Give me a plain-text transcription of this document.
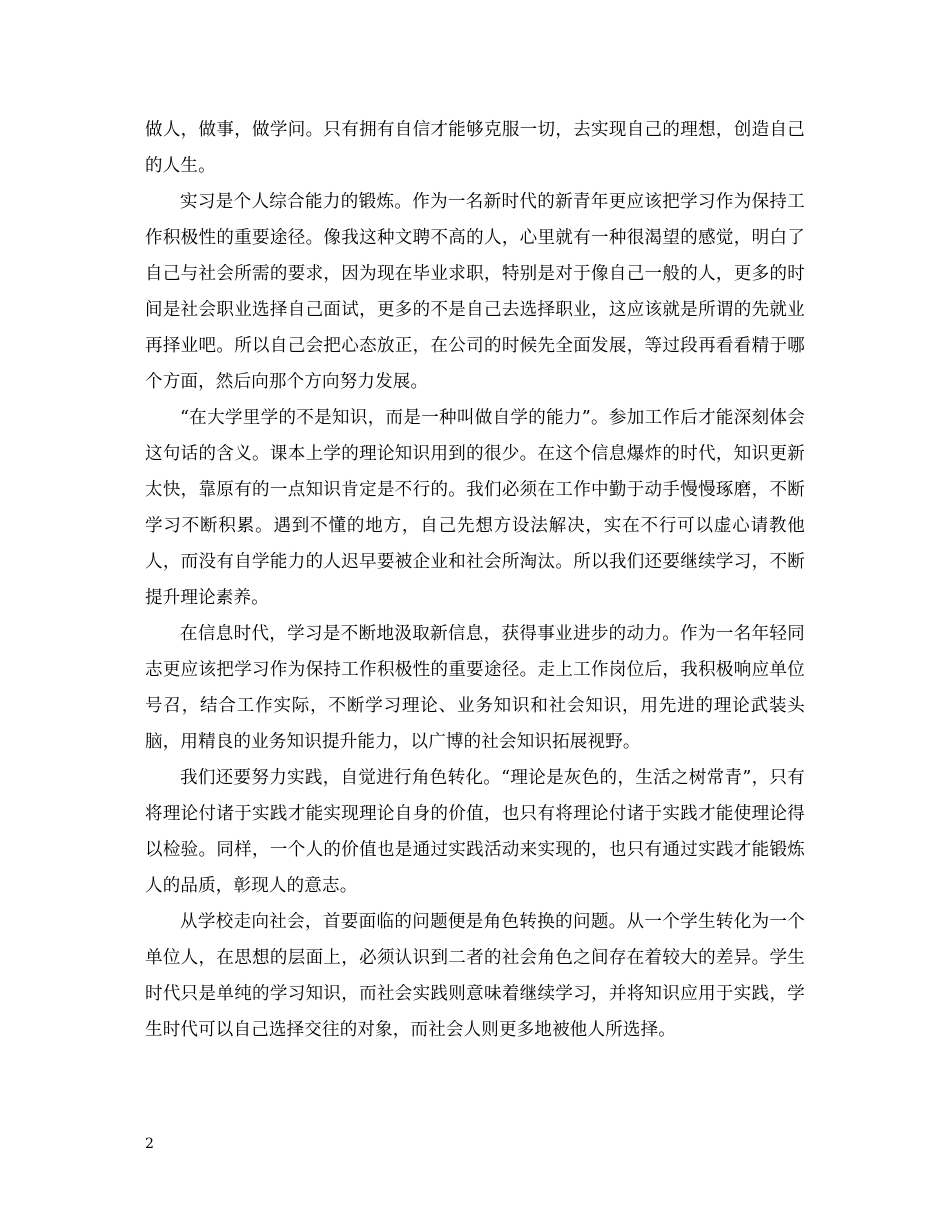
做人，做事，做学问。只有拥有自信才能够克服一切，去实现自己的理想，创造自己的人生。

实习是个人综合能力的锻炼。作为一名新时代的新青年更应该把学习作为保持工作积极性的重要途径。像我这种文聘不高的人，心里就有一种很渴望的感觉，明白了自己与社会所需的要求，因为现在毕业求职，特别是对于像自己一般的人，更多的时间是社会职业选择自己面试，更多的不是自己去选择职业，这应该就是所谓的先就业再择业吧。所以自己会把心态放正，在公司的时候先全面发展，等过段再看看精于哪个方面，然后向那个方向努力发展。

“在大学里学的不是知识，而是一种叫做自学的能力”。参加工作后才能深刻体会这句话的含义。课本上学的理论知识用到的很少。在这个信息爆炸的时代，知识更新太快，靠原有的一点知识肯定是不行的。我们必须在工作中勤于动手慢慢琢磨，不断学习不断积累。遇到不懂的地方，自己先想方设法解决，实在不行可以虚心请教他人，而没有自学能力的人迟早要被企业和社会所淘汰。所以我们还要继续学习，不断提升理论素养。

在信息时代，学习是不断地汲取新信息，获得事业进步的动力。作为一名年轻同志更应该把学习作为保持工作积极性的重要途径。走上工作岗位后，我积极响应单位号召，结合工作实际，不断学习理论、业务知识和社会知识，用先进的理论武装头脑，用精良的业务知识提升能力，以广博的社会知识拓展视野。

我们还要努力实践，自觉进行角色转化。“理论是灰色的，生活之树常青”，只有将理论付诸于实践才能实现理论自身的价值，也只有将理论付诸于实践才能使理论得以检验。同样，一个人的价值也是通过实践活动来实现的，也只有通过实践才能锻炼人的品质，彰现人的意志。

从学校走向社会，首要面临的问题便是角色转换的问题。从一个学生转化为一个单位人，在思想的层面上，必须认识到二者的社会角色之间存在着较大的差异。学生时代只是单纯的学习知识，而社会实践则意味着继续学习，并将知识应用于实践，学生时代可以自己选择交往的对象，而社会人则更多地被他人所选择。

2
